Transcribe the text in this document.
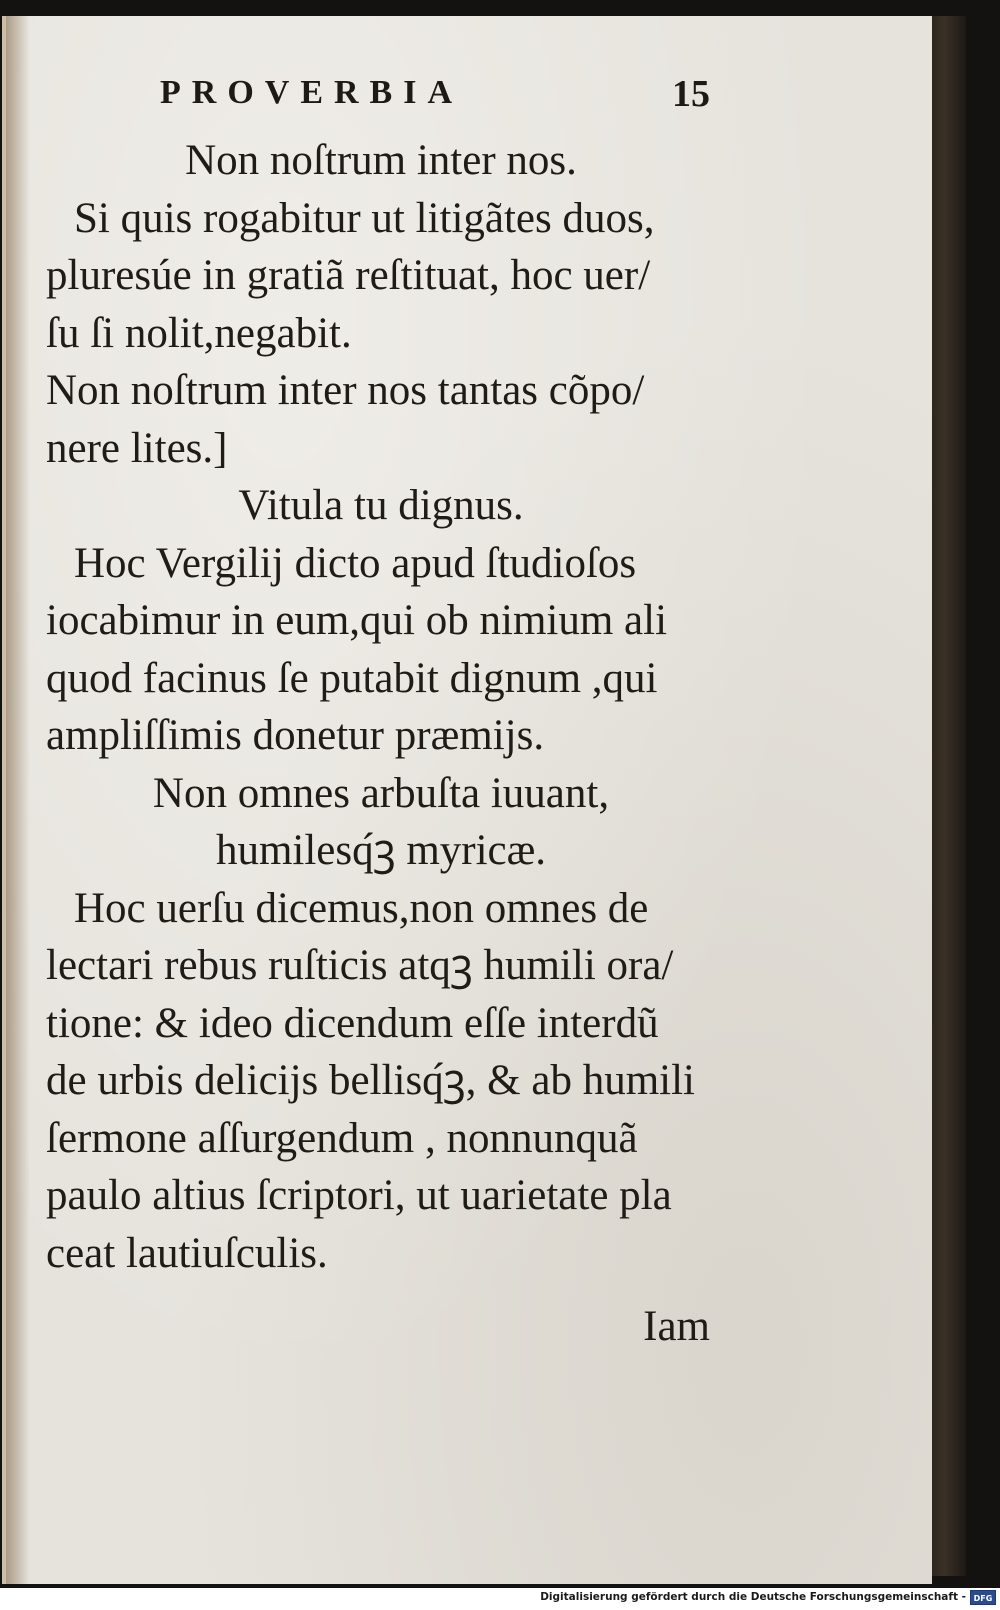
PROVERBIA	15
Non noſtrum inter nos.
Si quis rogabitur ut litigãtes duos,
pluresúe in gratiã reſtituat, hoc uer/
ſu ſi nolit,negabit.
Non noſtrum inter nos tantas cõpo/
nere lites.]
Vitula tu dignus.
Hoc Vergilij dicto apud ſtudioſos
iocabimur in eum,qui ob nimium ali
quod facinus ſe putabit dignum ,qui
ampliſſimis donetur præmijs.
Non omnes arbuſta iuuant,
humilesq́ꝫ myricæ.
Hoc uerſu dicemus,non omnes de
lectari rebus ruſticis atqꝫ humili ora/
tione: & ideo dicendum eſſe interdũ
de urbis delicijs bellisq́ꝫ, & ab humili
ſermone aſſurgendum , nonnunquã
paulo altius ſcriptori, ut uarietate pla
ceat lautiuſculis.
Iam
Digitalisierung gefördert durch die Deutsche Forschungsgemeinschaft - DFG
